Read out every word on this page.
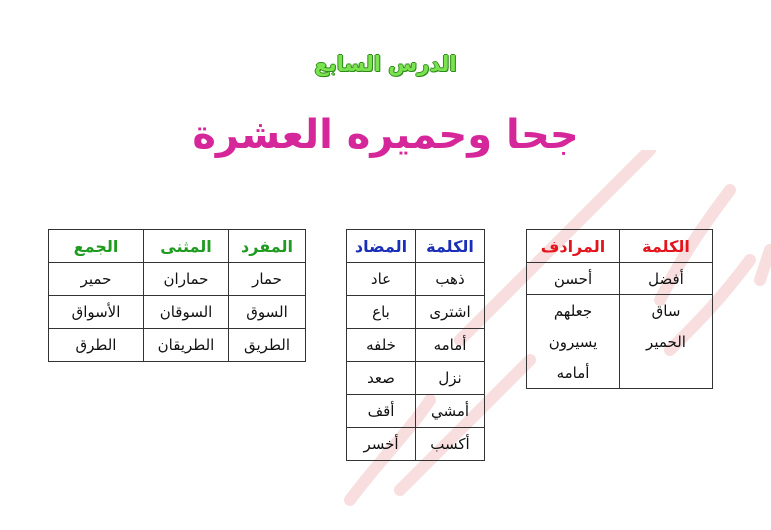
الدرس السابع
جحا وحميره العشرة
الكلمة	المرادف
أفضل	أحسن
ساق	جعلهم
الحمير	يسيرون
	أمامه
الكلمة	المضاد
ذهب	عاد
اشترى	باع
أمامه	خلفه
نزل	صعد
أمشي	أقف
أكسب	أخسر
المفرد	المثنى	الجمع
حمار	حماران	حمير
السوق	السوقان	الأسواق
الطريق	الطريقان	الطرق
